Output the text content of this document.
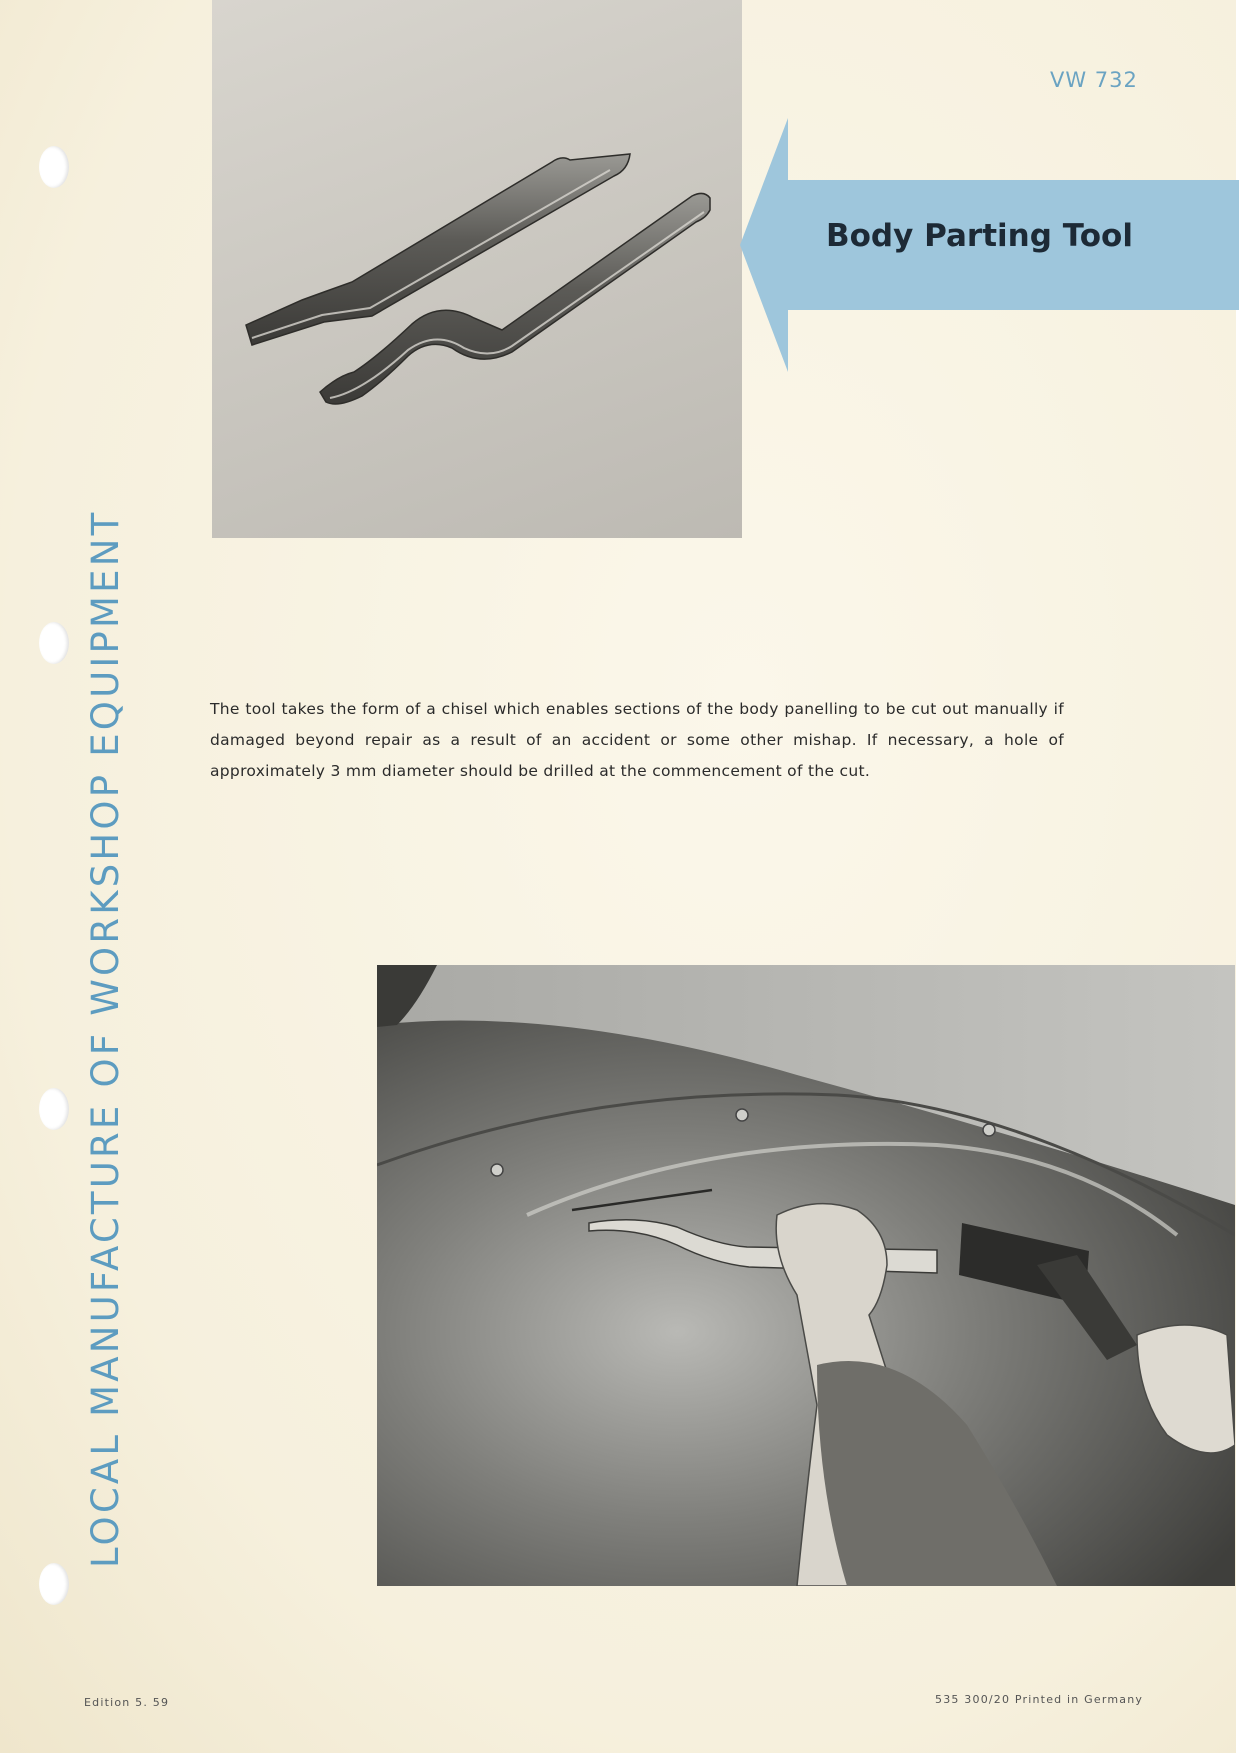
VW 732
LOCAL MANUFACTURE OF WORKSHOP EQUIPMENT
Body Parting Tool
The tool takes the form of a chisel which enables sections of the body panelling to be cut out manually if damaged beyond repair as a result of an accident or some other mishap. If necessary, a hole of approximately 3 mm diameter should be drilled at the commencement of the cut.
Edition 5. 59	535 300/20 Printed in Germany
